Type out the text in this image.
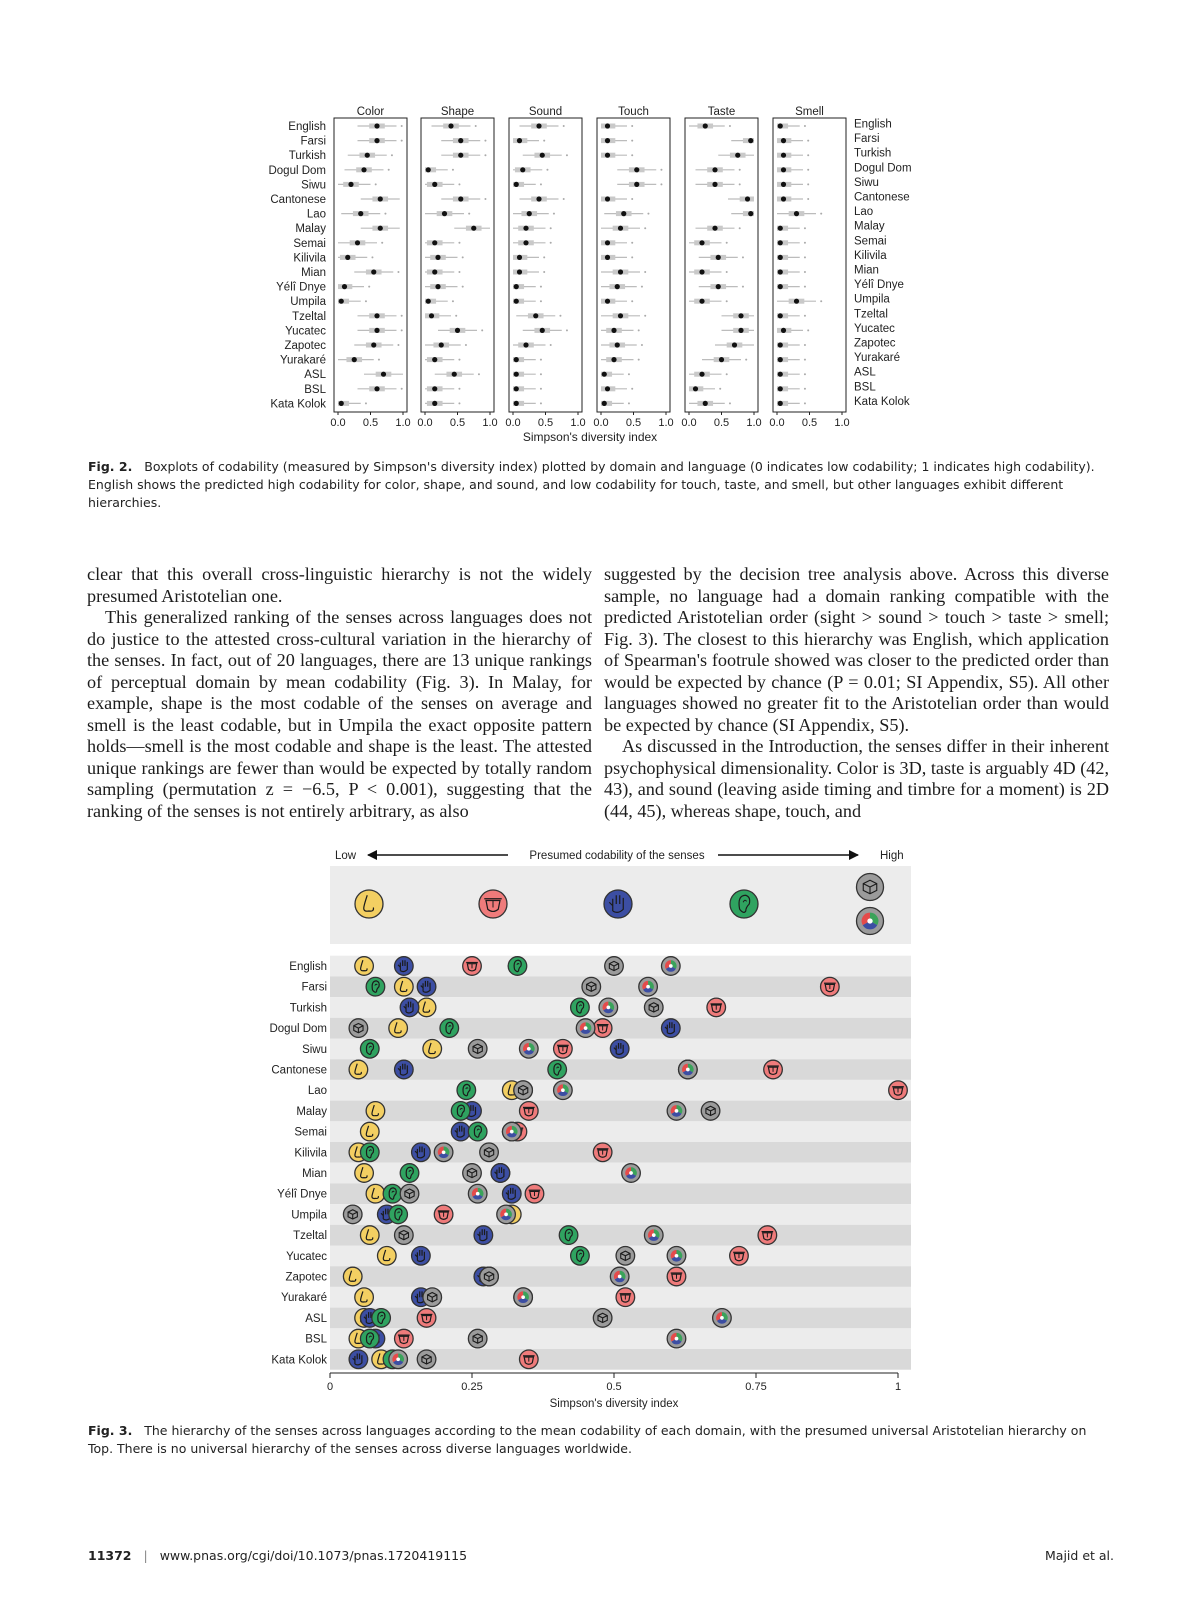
Color
0.0 0.5 1.0
Shape
0.0 0.5 1.0
Sound
0.0 0.5 1.0
Touch
0.0 0.5 1.0
Taste
0.0 0.5 1.0
Smell
0.0 0.5 1.0
English
Farsi
Turkish
Dogul Dom
Siwu
Cantonese
Lao
Malay
Semai
Kilivila
Mian
Yélî Dnye
Umpila
Tzeltal
Yucatec
Zapotec
Yurakaré
ASL
BSL
Kata Kolok
English
Farsi
Turkish
Dogul Dom
Siwu
Cantonese
Lao
Malay
Semai
Kilivila
Mian
Yélî Dnye
Umpila
Tzeltal
Yucatec
Zapotec
Yurakaré
ASL
BSL
Kata Kolok
Simpson's diversity index
Fig. 2. Boxplots of codability (measured by Simpson's diversity index) plotted by domain and language (0 indicates low codability; 1 indicates high codability). English shows the predicted high codability for color, shape, and sound, and low codability for touch, taste, and smell, but other languages exhibit different hierarchies.

clear that this overall cross-linguistic hierarchy is not the widely presumed Aristotelian one.

This generalized ranking of the senses across languages does not do justice to the attested cross-cultural variation in the hierarchy of the senses. In fact, out of 20 languages, there are 13 unique rankings of perceptual domain by mean codability (Fig. 3). In Malay, for example, shape is the most codable of the senses on average and smell is the least codable, but in Umpila the exact opposite pattern holds—smell is the most codable and shape is the least. The attested unique rankings are fewer than would be expected by totally random sampling (permutation z = −6.5, P < 0.001), suggesting that the ranking of the senses is not entirely arbitrary, as also

suggested by the decision tree analysis above. Across this diverse sample, no language had a domain ranking compatible with the predicted Aristotelian order (sight > sound > touch > taste > smell; Fig. 3). The closest to this hierarchy was English, which application of Spearman's footrule showed was closer to the predicted order than would be expected by chance (P = 0.01; SI Appendix, S5). All other languages showed no greater fit to the Aristotelian order than would be expected by chance (SI Appendix, S5).

As discussed in the Introduction, the senses differ in their inherent psychophysical dimensionality. Color is 3D, taste is arguably 4D (42, 43), and sound (leaving aside timing and timbre for a moment) is 2D (44, 45), whereas shape, touch, and

Low	Presumed codability of the senses	High
English
Farsi
Turkish
Dogul Dom
Siwu
Cantonese
Lao
Malay
Semai
Kilivila
Mian
Yélî Dnye
Umpila
Tzeltal
Yucatec
Zapotec
Yurakaré
ASL
BSL
Kata Kolok
0	0.25	0.5	0.75	1
Simpson's diversity index
Fig. 3. The hierarchy of the senses across languages according to the mean codability of each domain, with the presumed universal Aristotelian hierarchy on Top. There is no universal hierarchy of the senses across diverse languages worldwide.
11372 | www.pnas.org/cgi/doi/10.1073/pnas.1720419115	Majid et al.
